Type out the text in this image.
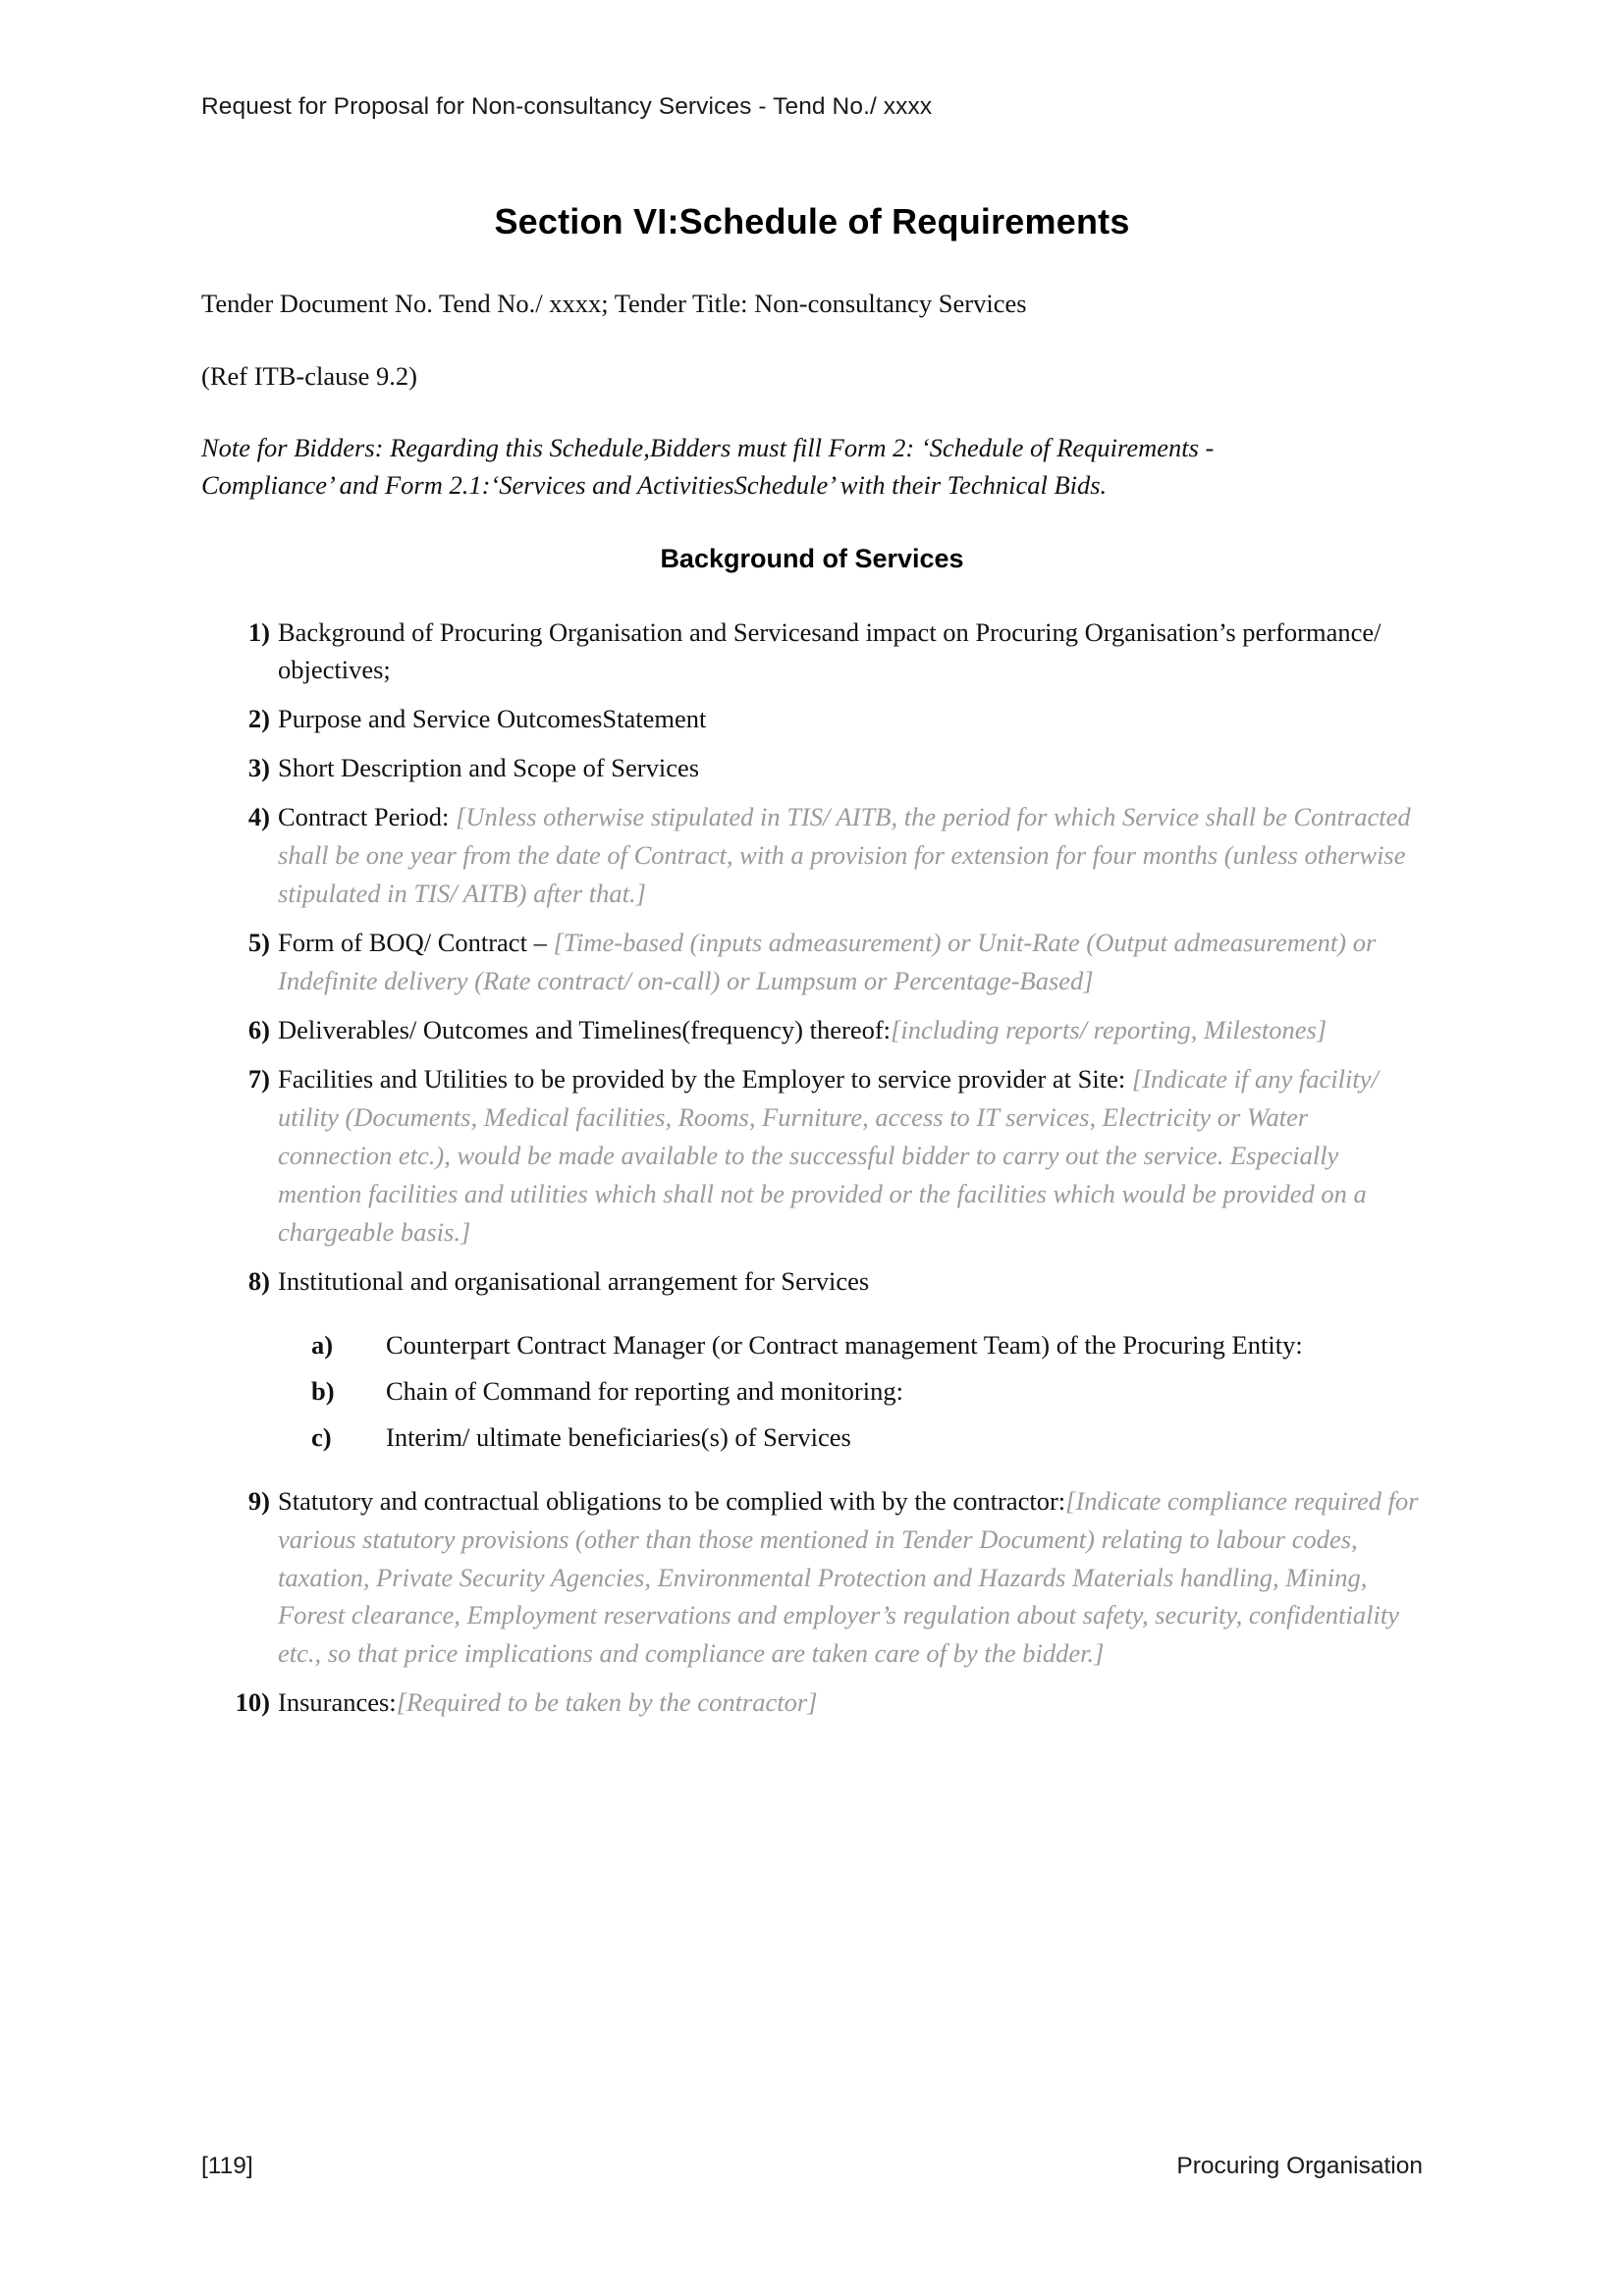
Request for Proposal for Non-consultancy Services - Tend No./ xxxx
Section VI:Schedule of Requirements

Tender Document No. Tend No./ xxxx; Tender Title: Non-consultancy Services

(Ref ITB-clause 9.2)

Note for Bidders: Regarding this Schedule,Bidders must fill Form 2: ‘Schedule of Requirements -
Compliance’ and Form 2.1:‘Services and ActivitiesSchedule’ with their Technical Bids.

Background of Services
1) Background of Procuring Organisation and Servicesand impact on Procuring Organisation’s performance/ objectives;
2) Purpose and Service OutcomesStatement
3) Short Description and Scope of Services
4) Contract Period: [Unless otherwise stipulated in TIS/ AITB, the period for which Service shall be Contracted shall be one year from the date of Contract, with a provision for extension for four months (unless otherwise stipulated in TIS/ AITB) after that.]
5) Form of BOQ/ Contract – [Time-based (inputs admeasurement) or Unit-Rate (Output admeasurement) or Indefinite delivery (Rate contract/ on-call) or Lumpsum or Percentage-Based]
6) Deliverables/ Outcomes and Timelines(frequency) thereof:[including reports/ reporting, Milestones]
7) Facilities and Utilities to be provided by the Employer to service provider at Site: [Indicate if any facility/ utility (Documents, Medical facilities, Rooms, Furniture, access to IT services, Electricity or Water connection etc.), would be made available to the successful bidder to carry out the service. Especially mention facilities and utilities which shall not be provided or the facilities which would be provided on a chargeable basis.]
8) Institutional and organisational arrangement for Services
a) Counterpart Contract Manager (or Contract management Team) of the Procuring Entity:
b) Chain of Command for reporting and monitoring:
c) Interim/ ultimate beneficiaries(s) of Services
9) Statutory and contractual obligations to be complied with by the contractor:[Indicate compliance required for various statutory provisions (other than those mentioned in Tender Document) relating to labour codes, taxation, Private Security Agencies, Environmental Protection and Hazards Materials handling, Mining, Forest clearance, Employment reservations and employer’s regulation about safety, security, confidentiality etc., so that price implications and compliance are taken care of by the bidder.]
10) Insurances:[Required to be taken by the contractor]
[119]	Procuring Organisation
